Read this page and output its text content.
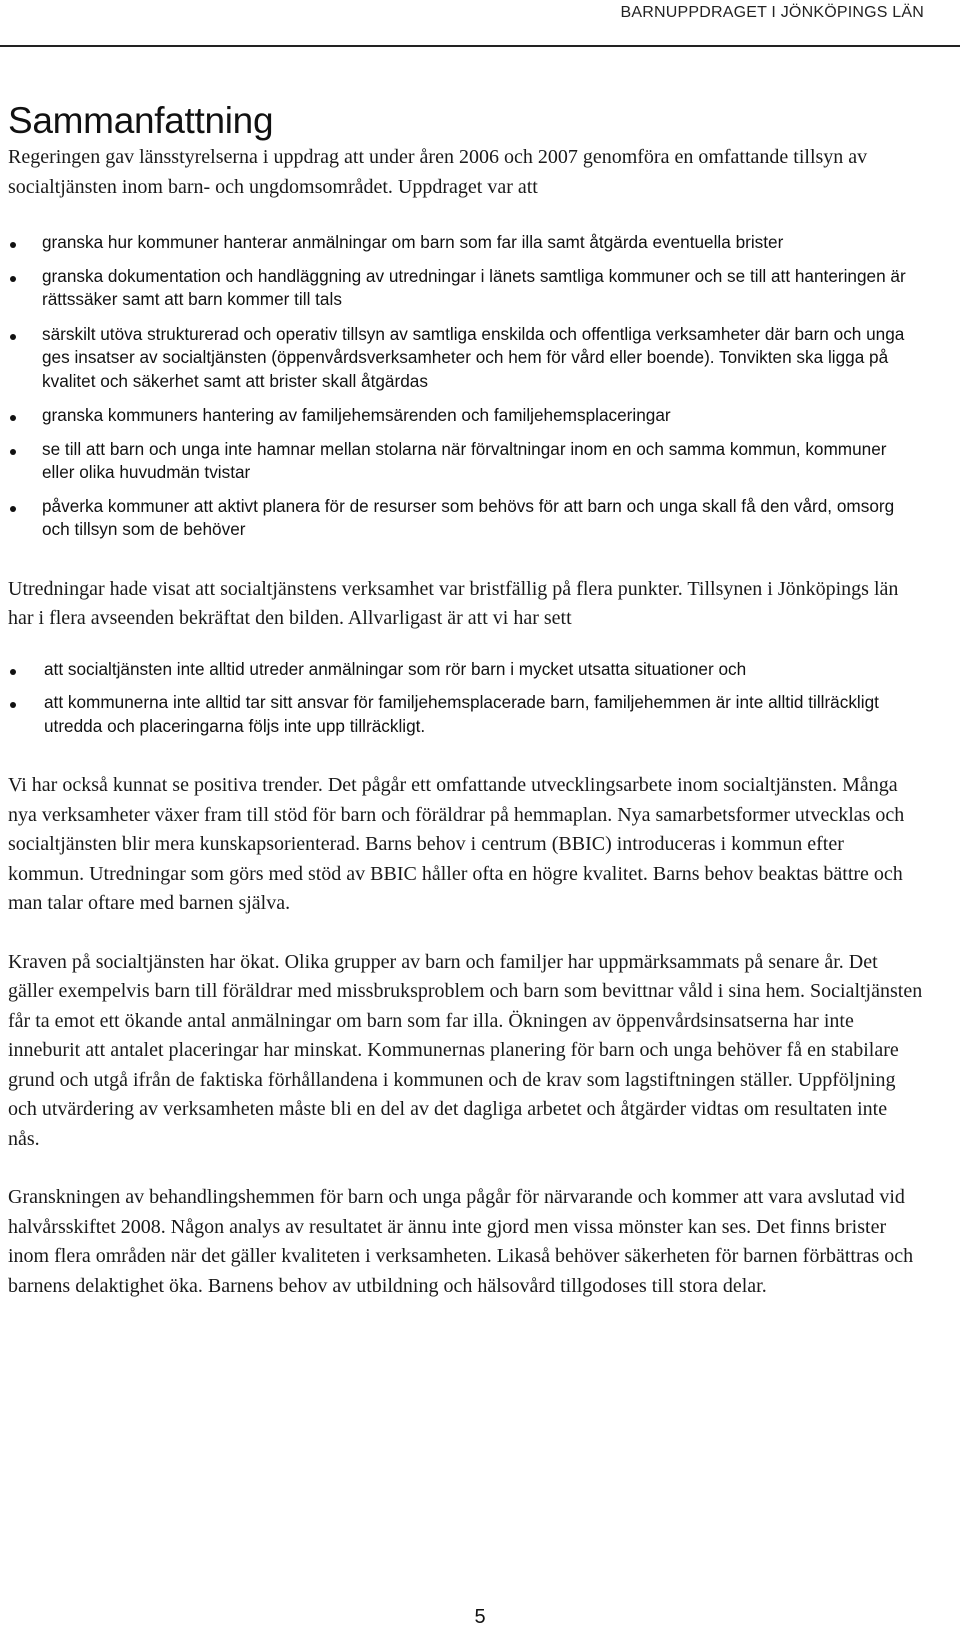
BARNUPPDRAGET I JÖNKÖPINGS LÄN
Sammanfattning

Regeringen gav länsstyrelserna i uppdrag att under åren 2006 och 2007 genomföra en omfattande tillsyn av socialtjänsten inom barn- och ungdomsområdet. Uppdraget var att

granska hur kommuner hanterar anmälningar om barn som far illa samt åtgärda eventuella brister
granska dokumentation och handläggning av utredningar i länets samtliga kommuner och se till att hanteringen är rättssäker samt att barn kommer till tals
särskilt utöva strukturerad och operativ tillsyn av samtliga enskilda och offentliga verksamheter där barn och unga ges insatser av socialtjänsten (öppenvårdsverksamheter och hem för vård eller boende). Tonvikten ska ligga på kvalitet och säkerhet samt att brister skall åtgärdas
granska kommuners hantering av familjehemsärenden och familjehemsplaceringar
se till att barn och unga inte hamnar mellan stolarna när förvaltningar inom en och samma kommun, kommuner eller olika huvudmän tvistar
påverka kommuner att aktivt planera för de resurser som behövs för att barn och unga skall få den vård, omsorg och tillsyn som de behöver

Utredningar hade visat att socialtjänstens verksamhet var bristfällig på flera punkter. Tillsynen i Jönköpings län har i flera avseenden bekräftat den bilden. Allvarligast är att vi har sett

att socialtjänsten inte alltid utreder anmälningar som rör barn i mycket utsatta situationer och
att kommunerna inte alltid tar sitt ansvar för familjehemsplacerade barn, familjehemmen är inte alltid tillräckligt utredda och placeringarna följs inte upp tillräckligt.

Vi har också kunnat se positiva trender. Det pågår ett omfattande utvecklingsarbete inom socialtjänsten. Många nya verksamheter växer fram till stöd för barn och föräldrar på hemmaplan. Nya samarbetsformer utvecklas och socialtjänsten blir mera kunskapsorienterad. Barns behov i centrum (BBIC) introduceras i kommun efter kommun. Utredningar som görs med stöd av BBIC håller ofta en högre kvalitet. Barns behov beaktas bättre och man talar oftare med barnen själva.

Kraven på socialtjänsten har ökat. Olika grupper av barn och familjer har uppmärksammats på senare år. Det gäller exempelvis barn till föräldrar med missbruksproblem och barn som bevittnar våld i sina hem. Socialtjänsten får ta emot ett ökande antal anmälningar om barn som far illa. Ökningen av öppenvårdsinsatserna har inte inneburit att antalet placeringar har minskat. Kommunernas planering för barn och unga behöver få en stabilare grund och utgå ifrån de faktiska förhållandena i kommunen och de krav som lagstiftningen ställer. Uppföljning och utvärdering av verksamheten måste bli en del av det dagliga arbetet och åtgärder vidtas om resultaten inte nås.

Granskningen av behandlingshemmen för barn och unga pågår för närvarande och kommer att vara avslutad vid halvårsskiftet 2008. Någon analys av resultatet är ännu inte gjord men vissa mönster kan ses. Det finns brister inom flera områden när det gäller kvaliteten i verksamheten. Likaså behöver säkerheten för barnen förbättras och barnens delaktighet öka. Barnens behov av utbildning och hälsovård tillgodoses till stora delar.

5
